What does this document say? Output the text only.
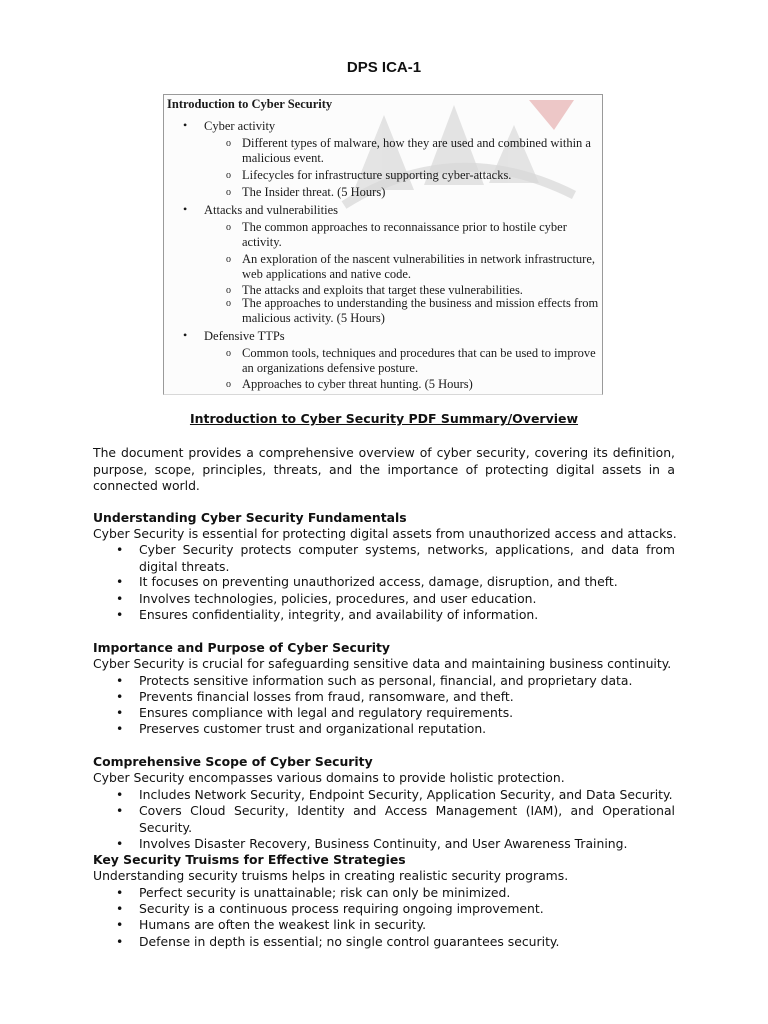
DPS ICA-1
Introduction to Cyber Security
• Cyber activity
o Different types of malware, how they are used and combined within a malicious event.
o Lifecycles for infrastructure supporting cyber-attacks.
o The Insider threat. (5 Hours)
• Attacks and vulnerabilities
o The common approaches to reconnaissance prior to hostile cyber activity.
o An exploration of the nascent vulnerabilities in network infrastructure, web applications and native code.
o The attacks and exploits that target these vulnerabilities.
o The approaches to understanding the business and mission effects from malicious activity. (5 Hours)
• Defensive TTPs
o Common tools, techniques and procedures that can be used to improve an organizations defensive posture.
o Approaches to cyber threat hunting. (5 Hours)
Introduction to Cyber Security PDF Summary/Overview
The document provides a comprehensive overview of cyber security, covering its definition, purpose, scope, principles, threats, and the importance of protecting digital assets in a connected world.
Understanding Cyber Security Fundamentals
Cyber Security is essential for protecting digital assets from unauthorized access and attacks.
• Cyber Security protects computer systems, networks, applications, and data from digital threats.
• It focuses on preventing unauthorized access, damage, disruption, and theft.
• Involves technologies, policies, procedures, and user education.
• Ensures confidentiality, integrity, and availability of information.
Importance and Purpose of Cyber Security
Cyber Security is crucial for safeguarding sensitive data and maintaining business continuity.
• Protects sensitive information such as personal, financial, and proprietary data.
• Prevents financial losses from fraud, ransomware, and theft.
• Ensures compliance with legal and regulatory requirements.
• Preserves customer trust and organizational reputation.
Comprehensive Scope of Cyber Security
Cyber Security encompasses various domains to provide holistic protection.
• Includes Network Security, Endpoint Security, Application Security, and Data Security.
• Covers Cloud Security, Identity and Access Management (IAM), and Operational Security.
• Involves Disaster Recovery, Business Continuity, and User Awareness Training.
Key Security Truisms for Effective Strategies
Understanding security truisms helps in creating realistic security programs.
• Perfect security is unattainable; risk can only be minimized.
• Security is a continuous process requiring ongoing improvement.
• Humans are often the weakest link in security.
• Defense in depth is essential; no single control guarantees security.
